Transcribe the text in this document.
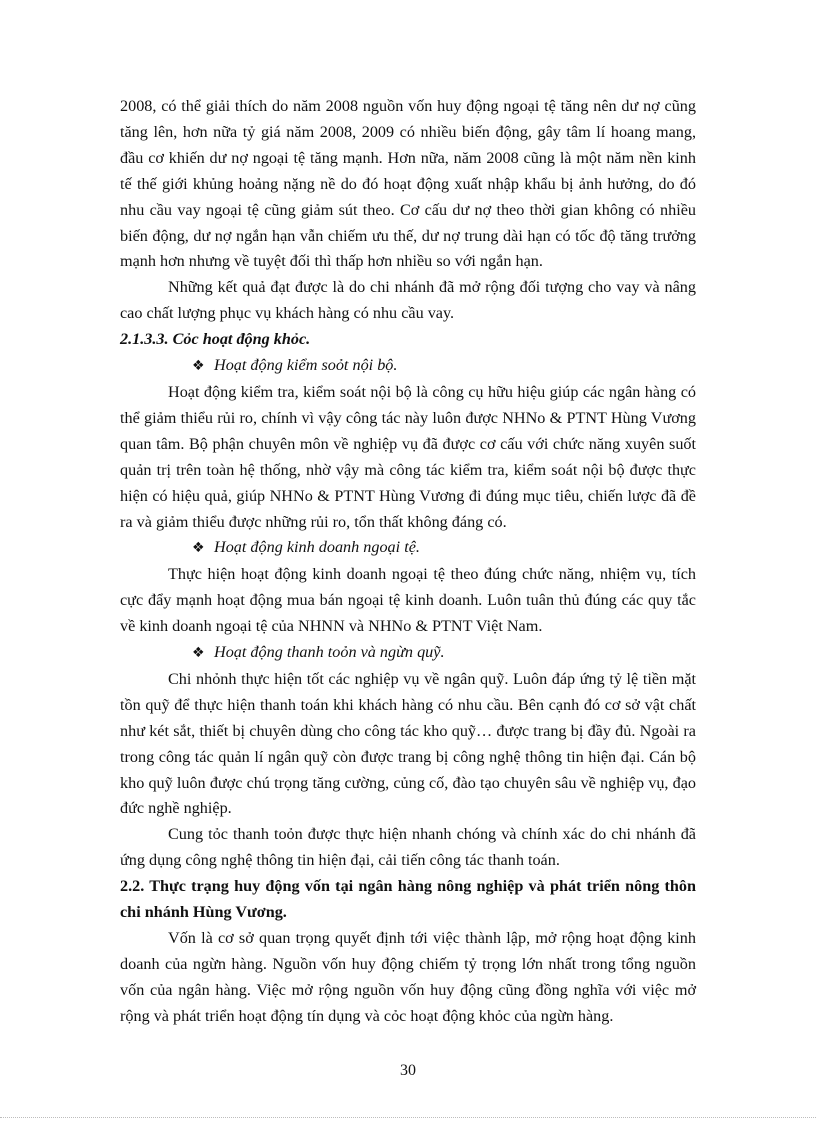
2008, có thể giải thích do năm 2008 nguồn vốn huy động ngoại tệ tăng nên dư nợ cũng tăng lên, hơn nữa tỷ giá năm 2008, 2009 có nhiều biến động, gây tâm lí hoang mang, đầu cơ khiến dư nợ ngoại tệ tăng mạnh. Hơn nữa, năm 2008 cũng là một năm nền kinh tế thế giới khủng hoảng nặng nề do đó hoạt động xuất nhập khẩu bị ảnh hưởng, do đó nhu cầu vay ngoại tệ cũng giảm sút theo. Cơ cấu dư nợ theo thời gian không có nhiều biến động, dư nợ ngắn hạn vẫn chiếm ưu thế, dư nợ trung dài hạn có tốc độ tăng trưởng mạnh hơn nhưng về tuyệt đối thì thấp hơn nhiều so với ngắn hạn.

Những kết quả đạt được là do chi nhánh đã mở rộng đối tượng cho vay và nâng cao chất lượng phục vụ khách hàng có nhu cầu vay.

2.1.3.3. Cỏc hoạt động khỏc.

❖ Hoạt động kiểm soỏt nội bộ.

Hoạt động kiểm tra, kiểm soát nội bộ là công cụ hữu hiệu giúp các ngân hàng có thể giảm thiểu rủi ro, chính vì vậy công tác này luôn được NHNo & PTNT Hùng Vương quan tâm. Bộ phận chuyên môn về nghiệp vụ đã được cơ cấu với chức năng xuyên suốt quản trị trên toàn hệ thống, nhờ vậy mà công tác kiểm tra, kiểm soát nội bộ được thực hiện có hiệu quả, giúp NHNo & PTNT Hùng Vương đi đúng mục tiêu, chiến lược đã đề ra và giảm thiểu được những rủi ro, tổn thất không đáng có.

❖ Hoạt động kinh doanh ngoại tệ.

Thực hiện hoạt động kinh doanh ngoại tệ theo đúng chức năng, nhiệm vụ, tích cực đẩy mạnh hoạt động mua bán ngoại tệ kinh doanh. Luôn tuân thủ đúng các quy tắc về kinh doanh ngoại tệ của NHNN và NHNo & PTNT Việt Nam.

❖ Hoạt động thanh toỏn và ngừn quỹ.

Chi nhỏnh thực hiện tốt các nghiệp vụ về ngân quỹ. Luôn đáp ứng tỷ lệ tiền mặt tồn quỹ để thực hiện thanh toán khi khách hàng có nhu cầu. Bên cạnh đó cơ sở vật chất như két sắt, thiết bị chuyên dùng cho công tác kho quỹ… được trang bị đầy đủ. Ngoài ra trong công tác quản lí ngân quỹ còn được trang bị công nghệ thông tin hiện đại. Cán bộ kho quỹ luôn được chú trọng tăng cường, củng cố, đào tạo chuyên sâu về nghiệp vụ, đạo đức nghề nghiệp.

Cung tỏc thanh toỏn được thực hiện nhanh chóng và chính xác do chi nhánh đã ứng dụng công nghệ thông tin hiện đại, cải tiến công tác thanh toán.

2.2. Thực trạng huy động vốn tại ngân hàng nông nghiệp và phát triển nông thôn chi nhánh Hùng Vương.

Vốn là cơ sở quan trọng quyết định tới việc thành lập, mở rộng hoạt động kinh doanh của ngừn hàng. Nguồn vốn huy động chiếm tỷ trọng lớn nhất trong tổng nguồn vốn của ngân hàng. Việc mở rộng nguồn vốn huy động cũng đồng nghĩa với việc mở rộng và phát triển hoạt động tín dụng và cỏc hoạt động khỏc của ngừn hàng.

30
